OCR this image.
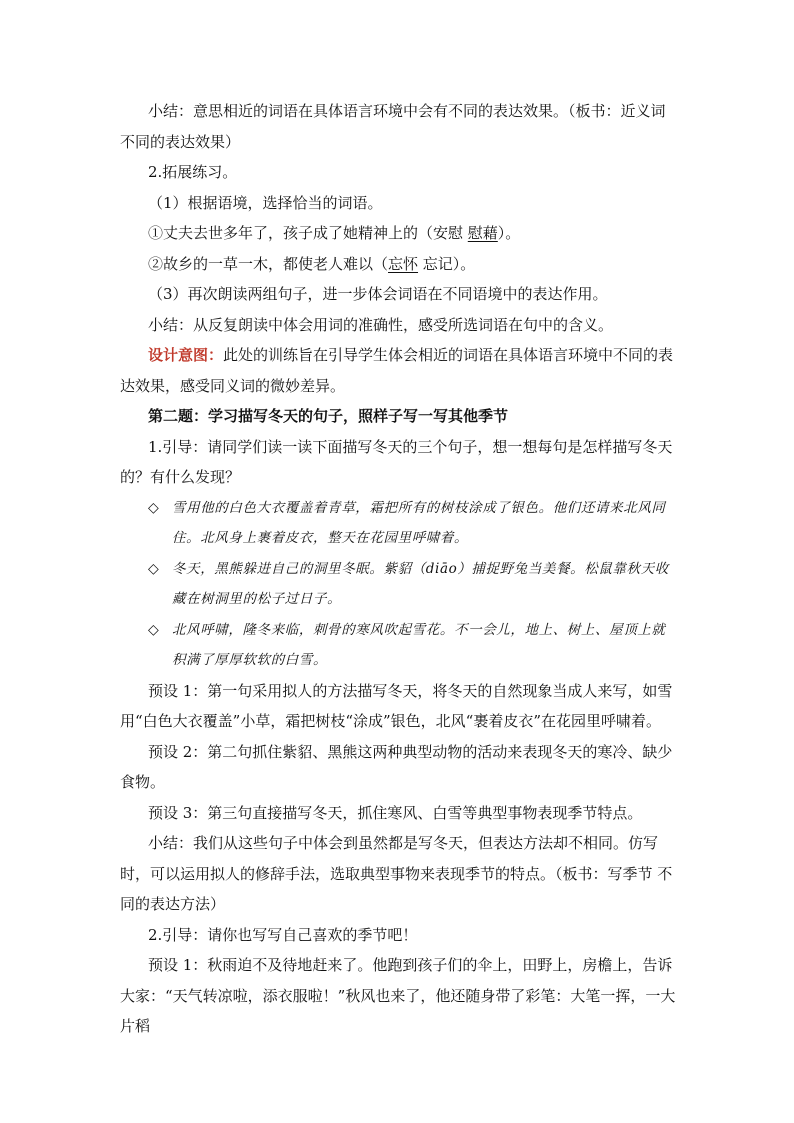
小结：意思相近的词语在具体语言环境中会有不同的表达效果。（板书：近义词 不同的表达效果）

2.拓展练习。

（1）根据语境，选择恰当的词语。

①丈夫去世多年了，孩子成了她精神上的（安慰 慰藉）。

②故乡的一草一木，都使老人难以（忘怀 忘记）。

（3）再次朗读两组句子，进一步体会词语在不同语境中的表达作用。

小结：从反复朗读中体会用词的准确性，感受所选词语在句中的含义。

设计意图：此处的训练旨在引导学生体会相近的词语在具体语言环境中不同的表达效果，感受同义词的微妙差异。

第二题：学习描写冬天的句子，照样子写一写其他季节

1.引导：请同学们读一读下面描写冬天的三个句子，想一想每句是怎样描写冬天的？有什么发现？

◇ 雪用他的白色大衣覆盖着青草，霜把所有的树枝涂成了银色。他们还请来北风同住。北风身上裹着皮衣，整天在花园里呼啸着。

◇ 冬天，黑熊躲进自己的洞里冬眠。紫貂（diāo）捕捉野兔当美餐。松鼠靠秋天收藏在树洞里的松子过日子。

◇ 北风呼啸，隆冬来临，刺骨的寒风吹起雪花。不一会儿，地上、树上、屋顶上就积满了厚厚软软的白雪。

预设 1：第一句采用拟人的方法描写冬天，将冬天的自然现象当成人来写，如雪用“白色大衣覆盖”小草，霜把树枝“涂成”银色，北风“裹着皮衣”在花园里呼啸着。

预设 2：第二句抓住紫貂、黑熊这两种典型动物的活动来表现冬天的寒冷、缺少食物。

预设 3：第三句直接描写冬天，抓住寒风、白雪等典型事物表现季节特点。

小结：我们从这些句子中体会到虽然都是写冬天，但表达方法却不相同。仿写时，可以运用拟人的修辞手法，选取典型事物来表现季节的特点。（板书：写季节 不同的表达方法）

2.引导：请你也写写自己喜欢的季节吧！

预设 1：秋雨迫不及待地赶来了。他跑到孩子们的伞上，田野上，房檐上，告诉大家：“天气转凉啦，添衣服啦！”秋风也来了，他还随身带了彩笔：大笔一挥，一大片稻
